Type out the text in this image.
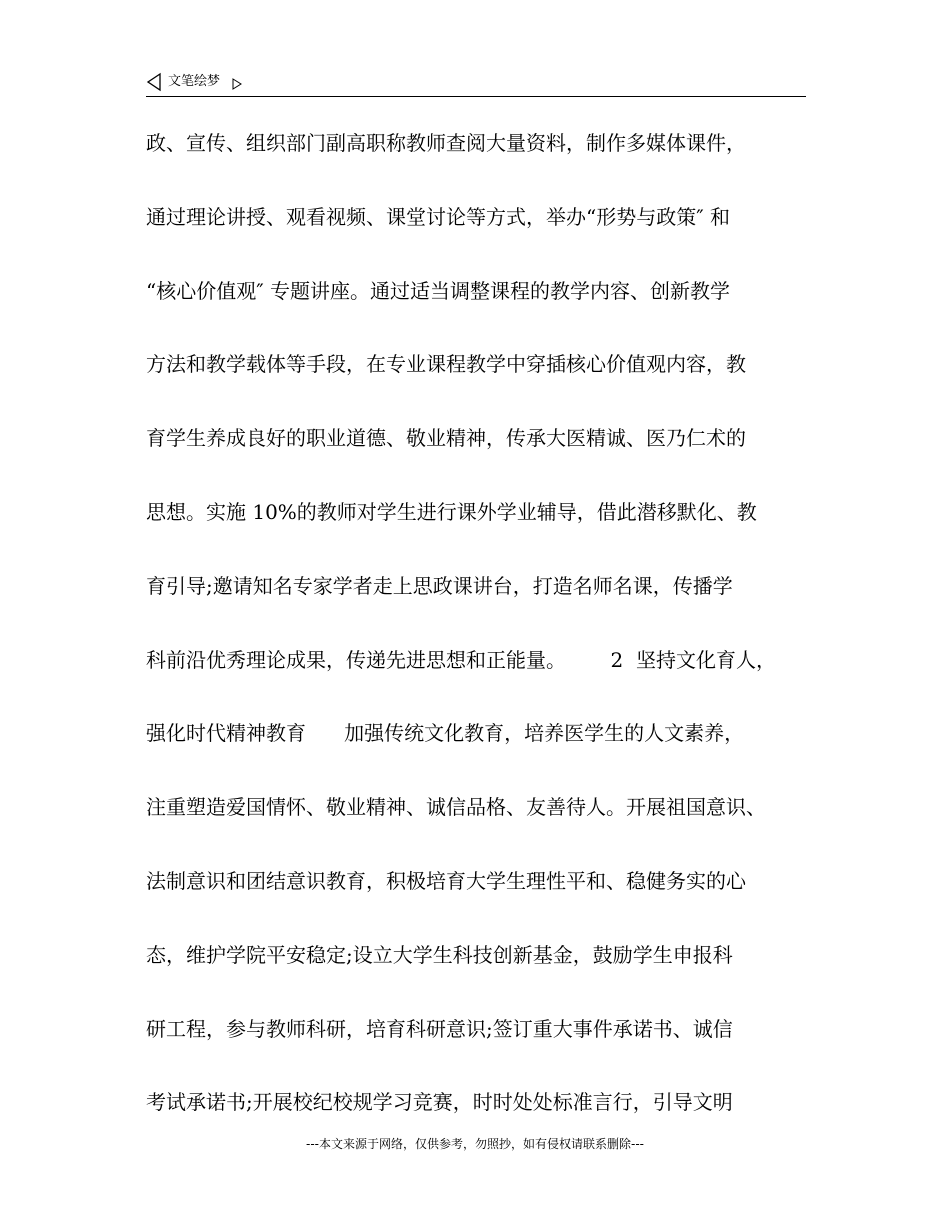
文笔绘梦
政、宣传、组织部门副高职称教师查阅大量资料，制作多媒体课件，
通过理论讲授、观看视频、课堂讨论等方式，举办“形势与政策″ 和
“核心价值观″ 专题讲座。通过适当调整课程的教学内容、创新教学
方法和教学载体等手段，在专业课程教学中穿插核心价值观内容，教
育学生养成良好的职业道德、敬业精神，传承大医精诚、医乃仁术的
思想。实施 10%的教师对学生进行课外学业辅导，借此潜移默化、教
育引导;邀请知名专家学者走上思政课讲台，打造名师名课，传播学
科前沿优秀理论成果，传递先进思想和正能量。       2  坚持文化育人，
强化时代精神教育      加强传统文化教育，培养医学生的人文素养，
注重塑造爱国情怀、敬业精神、诚信品格、友善待人。开展祖国意识、
法制意识和团结意识教育，积极培育大学生理性平和、稳健务实的心
态，维护学院平安稳定;设立大学生科技创新基金，鼓励学生申报科
研工程，参与教师科研，培育科研意识;签订重大事件承诺书、诚信
考试承诺书;开展校纪校规学习竞赛，时时处处标准言行，引导文明
---本文来源于网络，仅供参考，勿照抄，如有侵权请联系删除---
